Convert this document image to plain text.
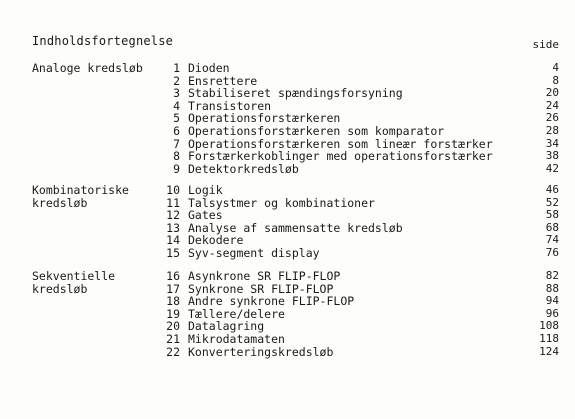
Indholdsfortegnelse	side
Analoge kredsløb	1 Dioden	4
2 Ensrettere	8
3 Stabiliseret spændingsforsyning	20
4 Transistoren	24
5 Operationsforstærkeren	26
6 Operationsforstærkeren som komparator	28
7 Operationsforstærkeren som lineær forstærker	34
8 Forstærkerkoblinger med operationsforstærker	38
9 Detektorkredsløb	42
Kombinatoriske
kredsløb
10 Logik	46
11 Talsystmer og kombinationer	52
12 Gates	58
13 Analyse af sammensatte kredsløb	68
14 Dekodere	74
15 Syv-segment display	76
Sekventielle
kredsløb
16 Asynkrone SR FLIP-FLOP	82
17 Synkrone SR FLIP-FLOP	88
18 Andre synkrone FLIP-FLOP	94
19 Tællere/delere	96
20 Datalagring	108
21 Mikrodatamaten	118
22 Konverteringskredsløb	124
